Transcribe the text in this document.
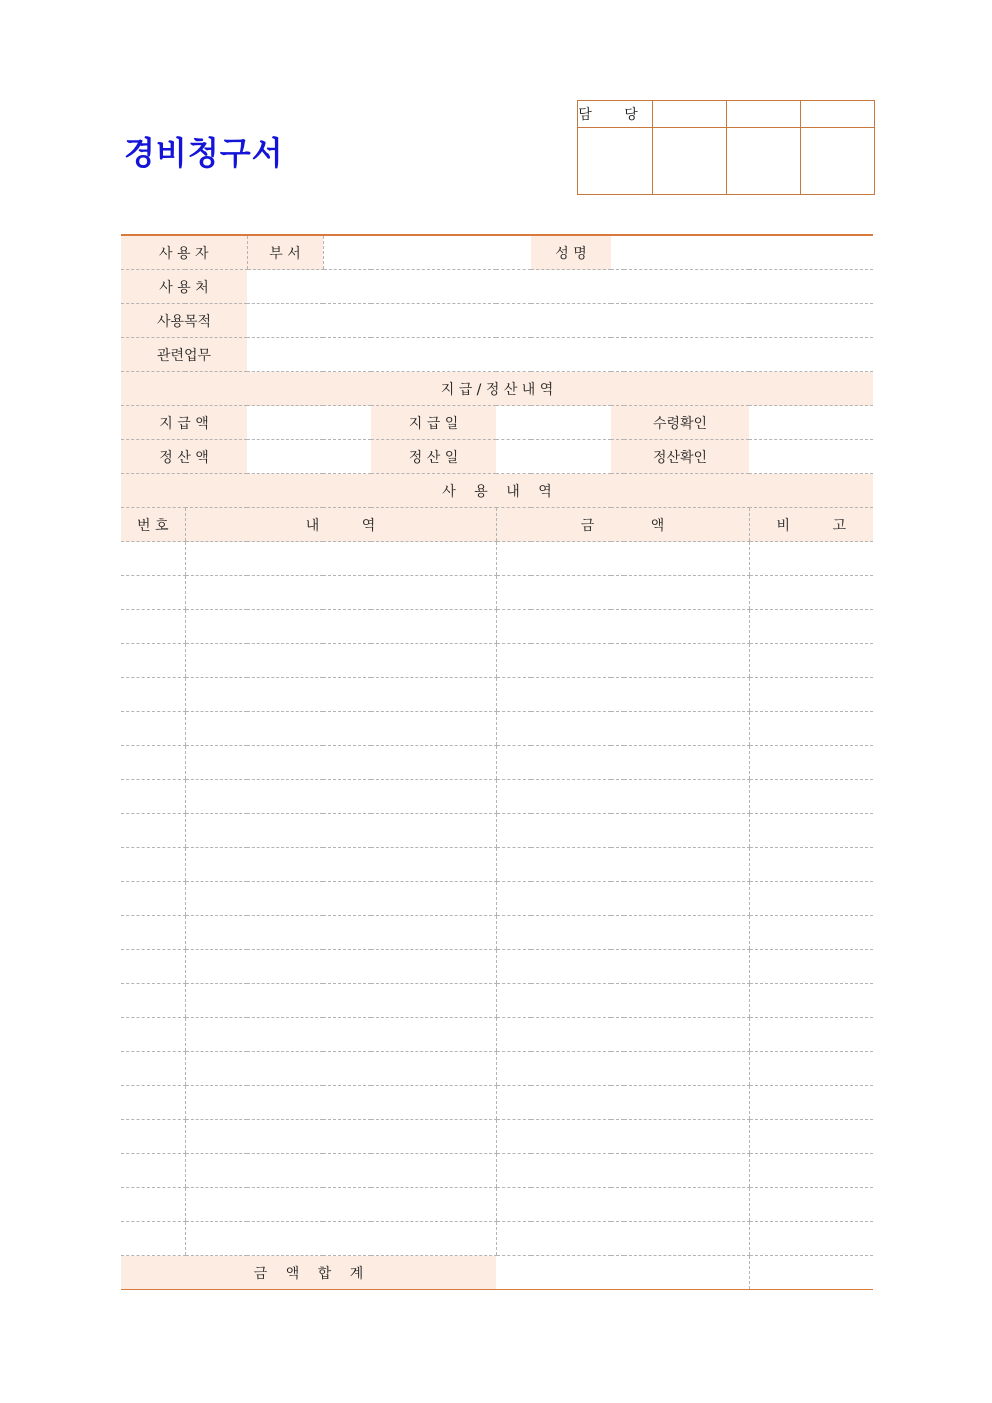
경비청구서
담 당			

사 용 자		부 서				성 명		
사 용 처								
사용목적								
관련업무								
지 급 / 정 산 내 역								
지 급 액				지 급 일			수령확인	
정 산 액				정 산 일			정산확인	
사 용 내 역								
번 호	내 역				금 액			비 고

금 액 합 계								
